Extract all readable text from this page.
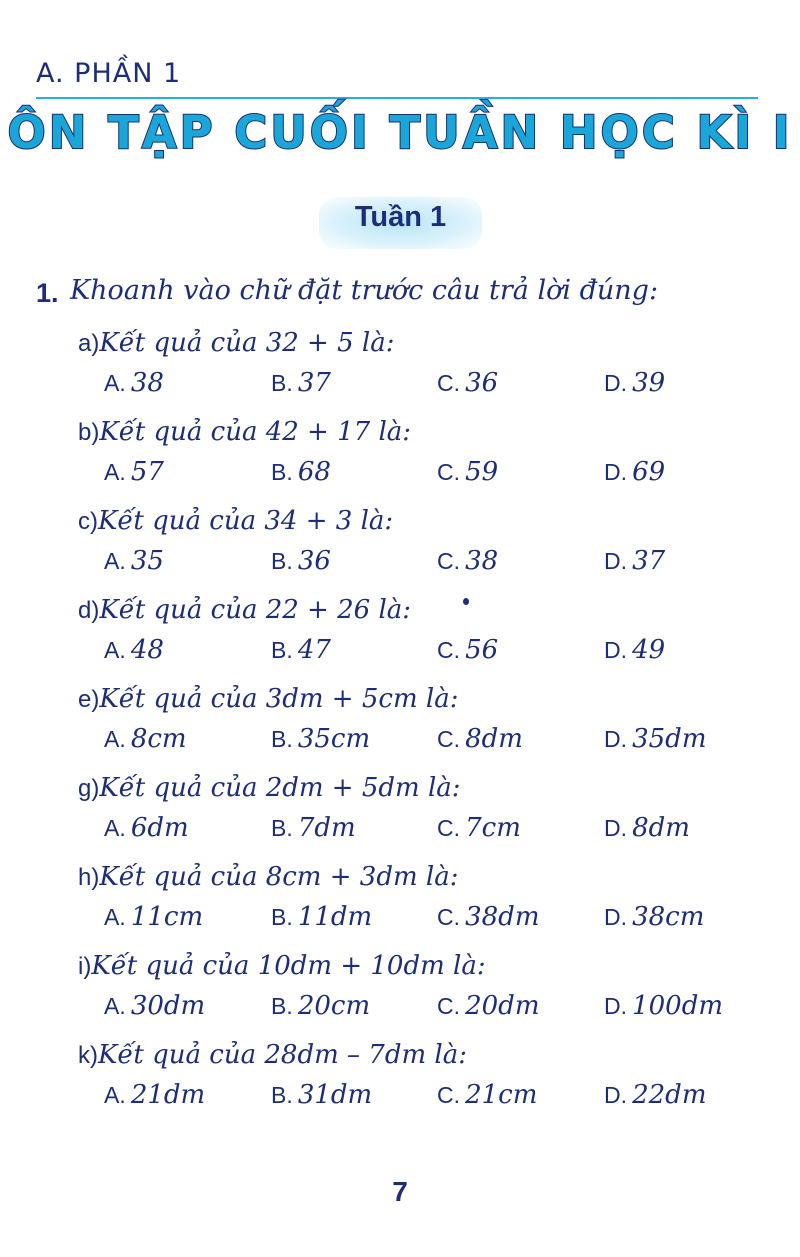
A. PHẦN 1
ÔN TẬP CUỐI TUẦN HỌC KÌ I
Tuần 1
1. Khoanh vào chữ đặt trước câu trả lời đúng:
a)Kết quả của 32 + 5 là:
A. 38	B. 37	C. 36	D. 39
b)Kết quả của 42 + 17 là:
A. 57	B. 68	C. 59	D. 69
c)Kết quả của 34 + 3 là:
A. 35	B. 36	C. 38	D. 37
d)Kết quả của 22 + 26 là:
A. 48	B. 47	C. 56	D. 49
e)Kết quả của 3dm + 5cm là:
A. 8cm	B. 35cm	C. 8dm	D. 35dm
g)Kết quả của 2dm + 5dm là:
A. 6dm	B. 7dm	C. 7cm	D. 8dm
h)Kết quả của 8cm + 3dm là:
A. 11cm	B. 11dm	C. 38dm	D. 38cm
i)Kết quả của 10dm + 10dm là:
A. 30dm	B. 20cm	C. 20dm	D. 100dm
k)Kết quả của 28dm – 7dm là:
A. 21dm	B. 31dm	C. 21cm	D. 22dm
7
